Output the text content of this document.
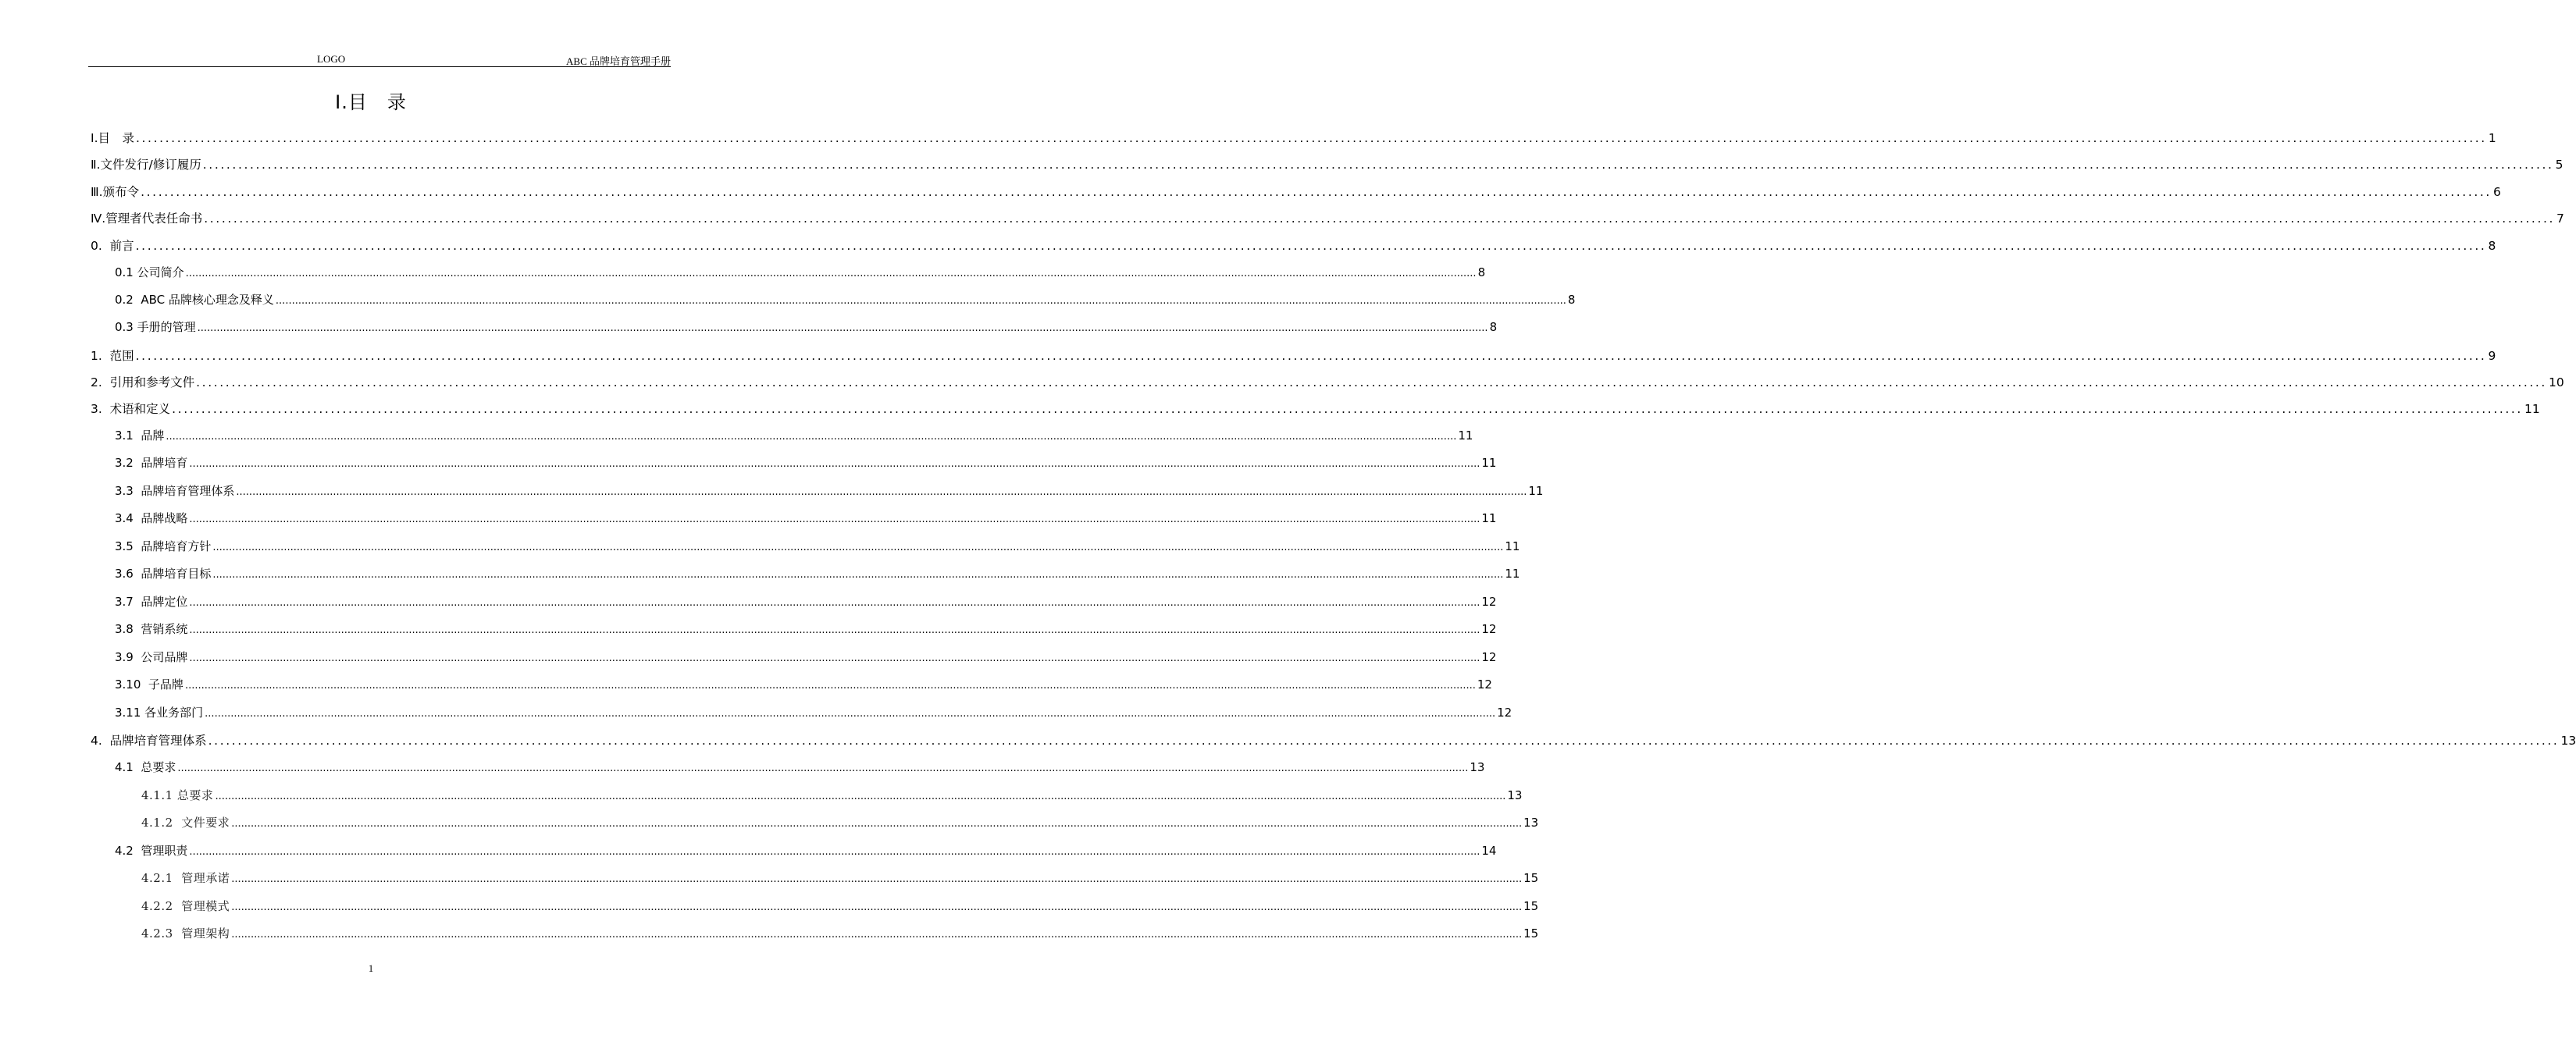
LOGO	ABC 品牌培育管理手册
Ⅰ.目　录
Ⅰ.目　录 ................................................................................................................................................................................................................................................................................................................................................................................................................ 1
Ⅱ.文件发行/修订履历 ................................................................................................................................................................................................................................................................................................................................................................................................................ 5
Ⅲ.颁布令 ................................................................................................................................................................................................................................................................................................................................................................................................................ 6
Ⅳ.管理者代表任命书 ................................................................................................................................................................................................................................................................................................................................................................................................................ 7
0.  前言 ................................................................................................................................................................................................................................................................................................................................................................................................................ 8
0.1 公司简介 ................................................................................................................................................................................................................................................................................................................................................................................................................ 8
0.2  ABC 品牌核心理念及释义 ................................................................................................................................................................................................................................................................................................................................................................................................................ 8
0.3 手册的管理 ................................................................................................................................................................................................................................................................................................................................................................................................................ 8
1.  范围 ................................................................................................................................................................................................................................................................................................................................................................................................................ 9
2.  引用和参考文件 ................................................................................................................................................................................................................................................................................................................................................................................................................ 10
3.  术语和定义 ................................................................................................................................................................................................................................................................................................................................................................................................................ 11
3.1  品牌 ................................................................................................................................................................................................................................................................................................................................................................................................................ 11
3.2  品牌培育 ................................................................................................................................................................................................................................................................................................................................................................................................................ 11
3.3  品牌培育管理体系 ................................................................................................................................................................................................................................................................................................................................................................................................................ 11
3.4  品牌战略 ................................................................................................................................................................................................................................................................................................................................................................................................................ 11
3.5  品牌培育方针 ................................................................................................................................................................................................................................................................................................................................................................................................................ 11
3.6  品牌培育目标 ................................................................................................................................................................................................................................................................................................................................................................................................................ 11
3.7  品牌定位 ................................................................................................................................................................................................................................................................................................................................................................................................................ 12
3.8  营销系统 ................................................................................................................................................................................................................................................................................................................................................................................................................ 12
3.9  公司品牌 ................................................................................................................................................................................................................................................................................................................................................................................................................ 12
3.10  子品牌 ................................................................................................................................................................................................................................................................................................................................................................................................................ 12
3.11 各业务部门 ................................................................................................................................................................................................................................................................................................................................................................................................................ 12
4.  品牌培育管理体系 ................................................................................................................................................................................................................................................................................................................................................................................................................ 13
4.1  总要求 ................................................................................................................................................................................................................................................................................................................................................................................................................ 13
4.1.1 总要求 ................................................................................................................................................................................................................................................................................................................................................................................................................ 13
4.1.2  文件要求 ................................................................................................................................................................................................................................................................................................................................................................................................................ 13
4.2  管理职责 ................................................................................................................................................................................................................................................................................................................................................................................................................ 14
4.2.1  管理承诺 ................................................................................................................................................................................................................................................................................................................................................................................................................ 15
4.2.2  管理模式 ................................................................................................................................................................................................................................................................................................................................................................................................................ 15
4.2.3  管理架构 ................................................................................................................................................................................................................................................................................................................................................................................................................ 15
1
